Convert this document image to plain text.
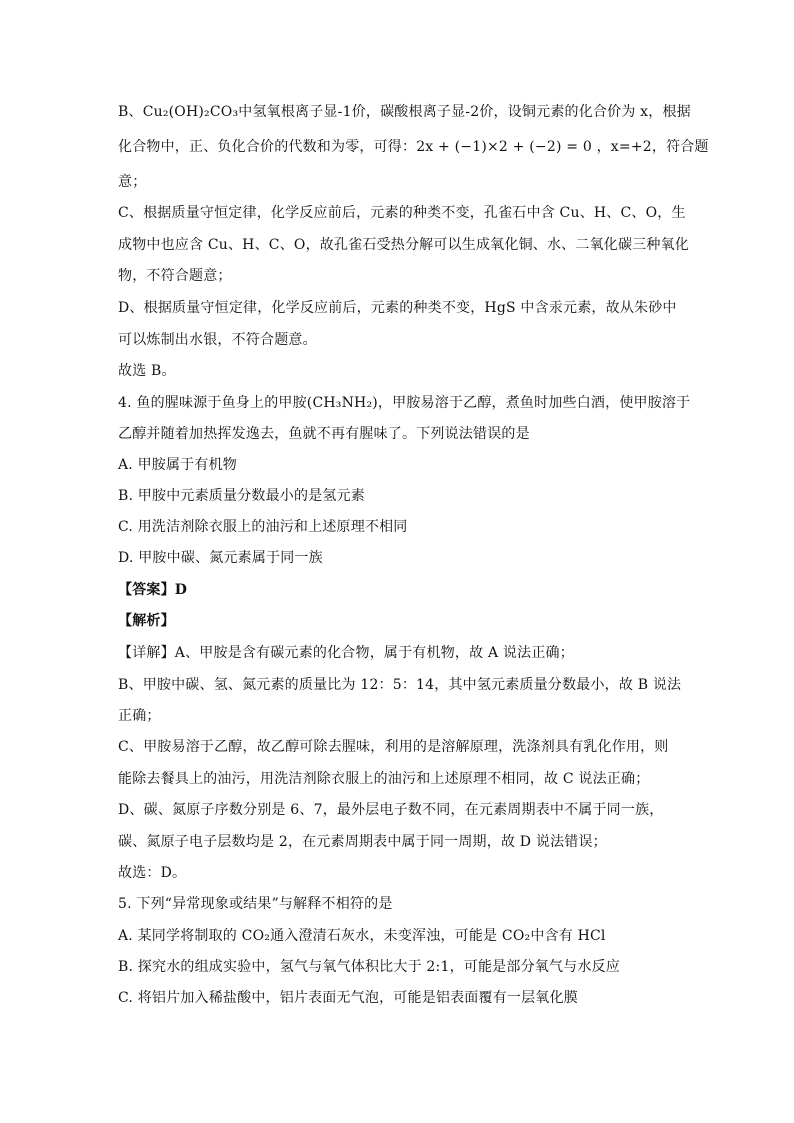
B、Cu₂(OH)₂CO₃中氢氧根离子显-1价，碳酸根离子显-2价，设铜元素的化合价为 x，根据
化合物中，正、负化合价的代数和为零，可得：2x + (−1)×2 + (−2) = 0 ，x=+2，符合题
意；
C、根据质量守恒定律，化学反应前后，元素的种类不变，孔雀石中含 Cu、H、C、O，生
成物中也应含 Cu、H、C、O，故孔雀石受热分解可以生成氧化铜、水、二氧化碳三种氧化
物，不符合题意；
D、根据质量守恒定律，化学反应前后，元素的种类不变，HgS 中含汞元素，故从朱砂中
可以炼制出水银，不符合题意。
故选 B。
4. 鱼的腥味源于鱼身上的甲胺(CH₃NH₂)，甲胺易溶于乙醇，煮鱼时加些白酒，使甲胺溶于
乙醇并随着加热挥发逸去，鱼就不再有腥味了。下列说法错误的是
A. 甲胺属于有机物
B. 甲胺中元素质量分数最小的是氢元素
C. 用洗洁剂除衣服上的油污和上述原理不相同
D. 甲胺中碳、氮元素属于同一族
【答案】D
【解析】
【详解】A、甲胺是含有碳元素的化合物，属于有机物，故 A 说法正确；
B、甲胺中碳、氢、氮元素的质量比为 12：5：14，其中氢元素质量分数最小，故 B 说法
正确；
C、甲胺易溶于乙醇，故乙醇可除去腥味，利用的是溶解原理，洗涤剂具有乳化作用，则
能除去餐具上的油污，用洗洁剂除衣服上的油污和上述原理不相同，故 C 说法正确；
D、碳、氮原子序数分别是 6、7，最外层电子数不同，在元素周期表中不属于同一族，
碳、氮原子电子层数均是 2，在元素周期表中属于同一周期，故 D 说法错误；
故选：D。
5. 下列“异常现象或结果”与解释不相符的是
A. 某同学将制取的 CO₂通入澄清石灰水，未变浑浊，可能是 CO₂中含有 HCl
B. 探究水的组成实验中，氢气与氧气体积比大于 2:1，可能是部分氧气与水反应
C. 将铝片加入稀盐酸中，铝片表面无气泡，可能是铝表面覆有一层氧化膜
